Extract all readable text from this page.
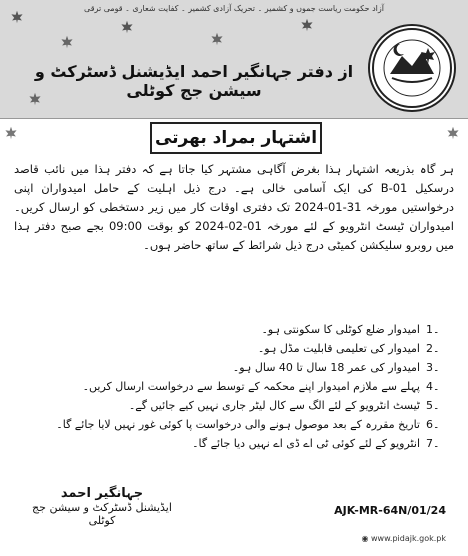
آزاد حکومت ریاست جموں و کشمیر ۔ تحریک آزادی کشمیر ۔ کفایت شعاری ۔ قومی ترقی
از دفتر جہانگیر احمد ایڈیشنل ڈسٹرکٹ و سیشن جج کوٹلی
اشتہار بمراد بھرتی
ہر گاہ بذریعہ اشتہار ہذا بغرض آگاہی مشتہر کیا جاتا ہے کہ دفتر ہذا میں نائب قاصد درسکیل B-01 کی ایک آسامی خالی ہے۔ درج ذیل اہلیت کے حامل امیدواران اپنی درخواستیں مورخہ 31-01-2024 تک دفتری اوقات کار میں زیر دستخطی کو ارسال کریں۔ امیدواران ٹیسٹ انٹرویو کے لئے مورخہ 01-02-2024 کو بوقت 09:00 بجے صبح دفتر ہذا میں روبرو سلیکشن کمیٹی درج ذیل شرائط کے ساتھ حاضر ہوں۔
۔1
امیدوار ضلع کوٹلی کا سکونتی ہو۔
۔2
امیدوار کی تعلیمی قابلیت مڈل ہو۔
۔3
امیدوار کی عمر 18 سال تا 40 سال ہو۔
۔4
پہلے سے ملازم امیدوار اپنے محکمہ کے توسط سے درخواست ارسال کریں۔
۔5
ٹیسٹ انٹرویو کے لئے الگ سے کال لیٹر جاری نہیں کیے جائیں گے۔
۔6
تاریخ مقررہ کے بعد موصول ہونے والی درخواست پا کوئی غور نہیں لایا جائے گا۔
۔7
انٹرویو کے لئے کوئی ٹی اے ڈی اے نہیں دیا جائے گا۔
جہانگیر احمد
ایڈیشنل ڈسٹرکٹ و سیشن جج کوٹلی
AJK-MR-64N/01/24
◉ www.pidajk.gok.pk
